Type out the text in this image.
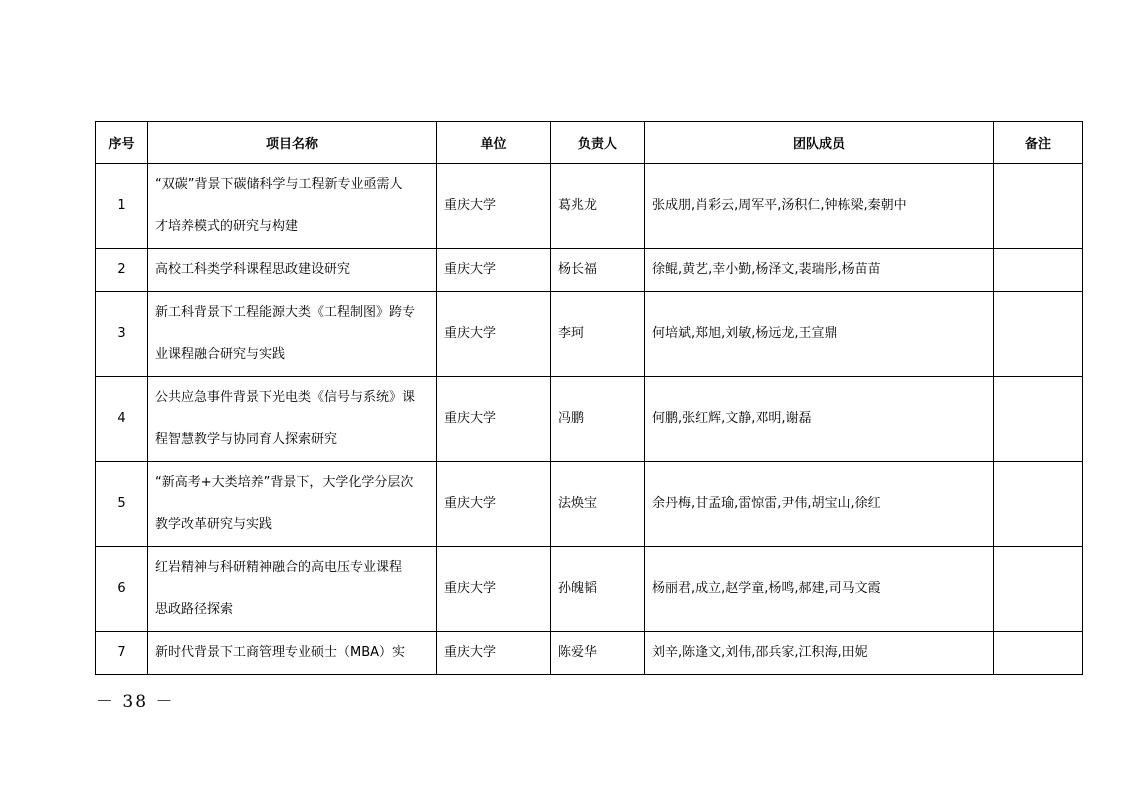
序号	项目名称	单位	负责人	团队成员	备注
1	“双碳”背景下碳储科学与工程新专业亟需人
才培养模式的研究与构建	重庆大学	葛兆龙	张成朋,肖彩云,周军平,汤积仁,钟栋梁,秦朝中	
2	高校工科类学科课程思政建设研究	重庆大学	杨长福	徐鲲,黄艺,幸小勤,杨泽文,裴瑞彤,杨苗苗	
3	新工科背景下工程能源大类《工程制图》跨专
业课程融合研究与实践	重庆大学	李珂	何培斌,郑旭,刘敏,杨远龙,王宣鼎	
4	公共应急事件背景下光电类《信号与系统》课
程智慧教学与协同育人探索研究	重庆大学	冯鹏	何鹏,张红辉,文静,邓明,谢磊	
5	“新高考+大类培养”背景下，大学化学分层次
教学改革研究与实践	重庆大学	法焕宝	余丹梅,甘孟瑜,雷惊雷,尹伟,胡宝山,徐红	
6	红岩精神与科研精神融合的高电压专业课程
思政路径探索	重庆大学	孙魄韬	杨丽君,成立,赵学童,杨鸣,郝建,司马文霞	
7	新时代背景下工商管理专业硕士（MBA）实	重庆大学	陈爱华	刘辛,陈逢文,刘伟,邵兵家,江积海,田妮	
－ 38 －
